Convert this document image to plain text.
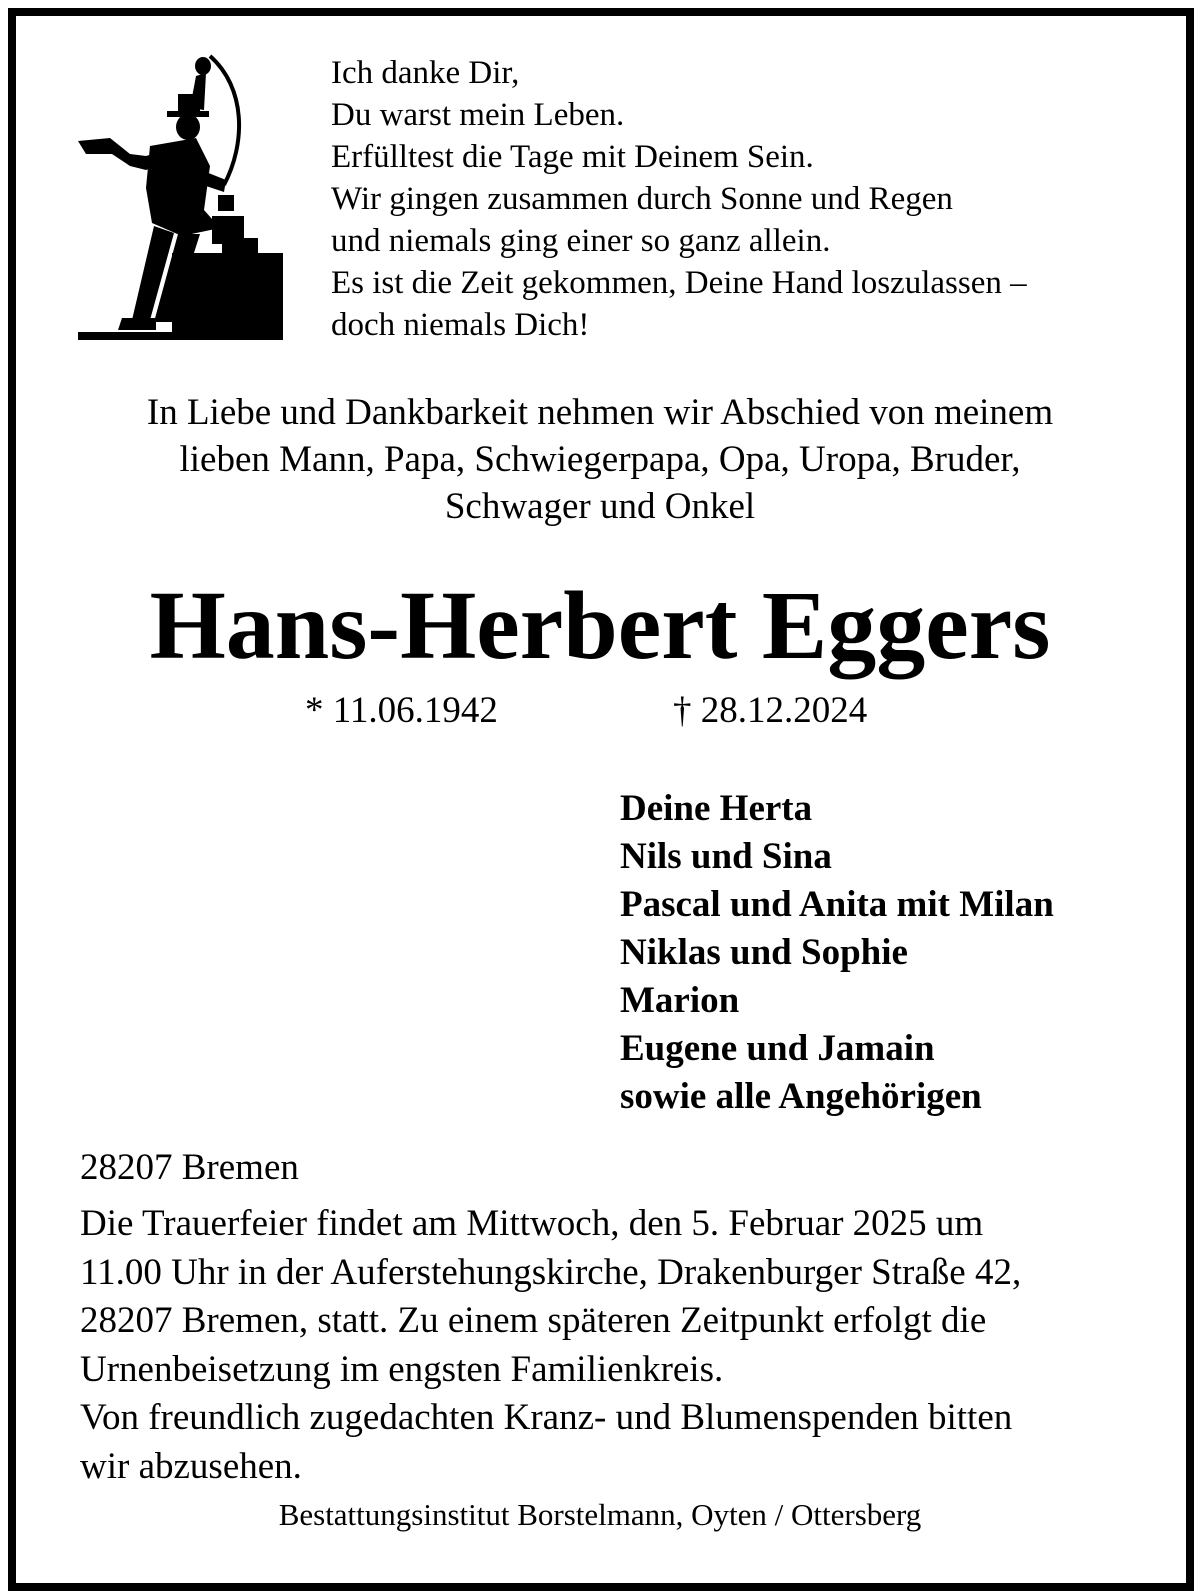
Ich danke Dir,
Du warst mein Leben.
Erfülltest die Tage mit Deinem Sein.
Wir gingen zusammen durch Sonne und Regen
und niemals ging einer so ganz allein.
Es ist die Zeit gekommen, Deine Hand loszulassen –
doch niemals Dich!
In Liebe und Dankbarkeit nehmen wir Abschied von meinem
lieben Mann, Papa, Schwiegerpapa, Opa, Uropa, Bruder,
Schwager und Onkel
Hans-Herbert Eggers
* 11.06.1942	† 28.12.2024
Deine Herta
Nils und Sina
Pascal und Anita mit Milan
Niklas und Sophie
Marion
Eugene und Jamain
sowie alle Angehörigen
28207 Bremen
Die Trauerfeier findet am Mittwoch, den 5. Februar 2025 um
11.00 Uhr in der Auferstehungskirche, Drakenburger Straße 42,
28207 Bremen, statt. Zu einem späteren Zeitpunkt erfolgt die
Urnenbeisetzung im engsten Familienkreis.
Von freundlich zugedachten Kranz- und Blumenspenden bitten
wir abzusehen.
Bestattungsinstitut Borstelmann, Oyten / Ottersberg
